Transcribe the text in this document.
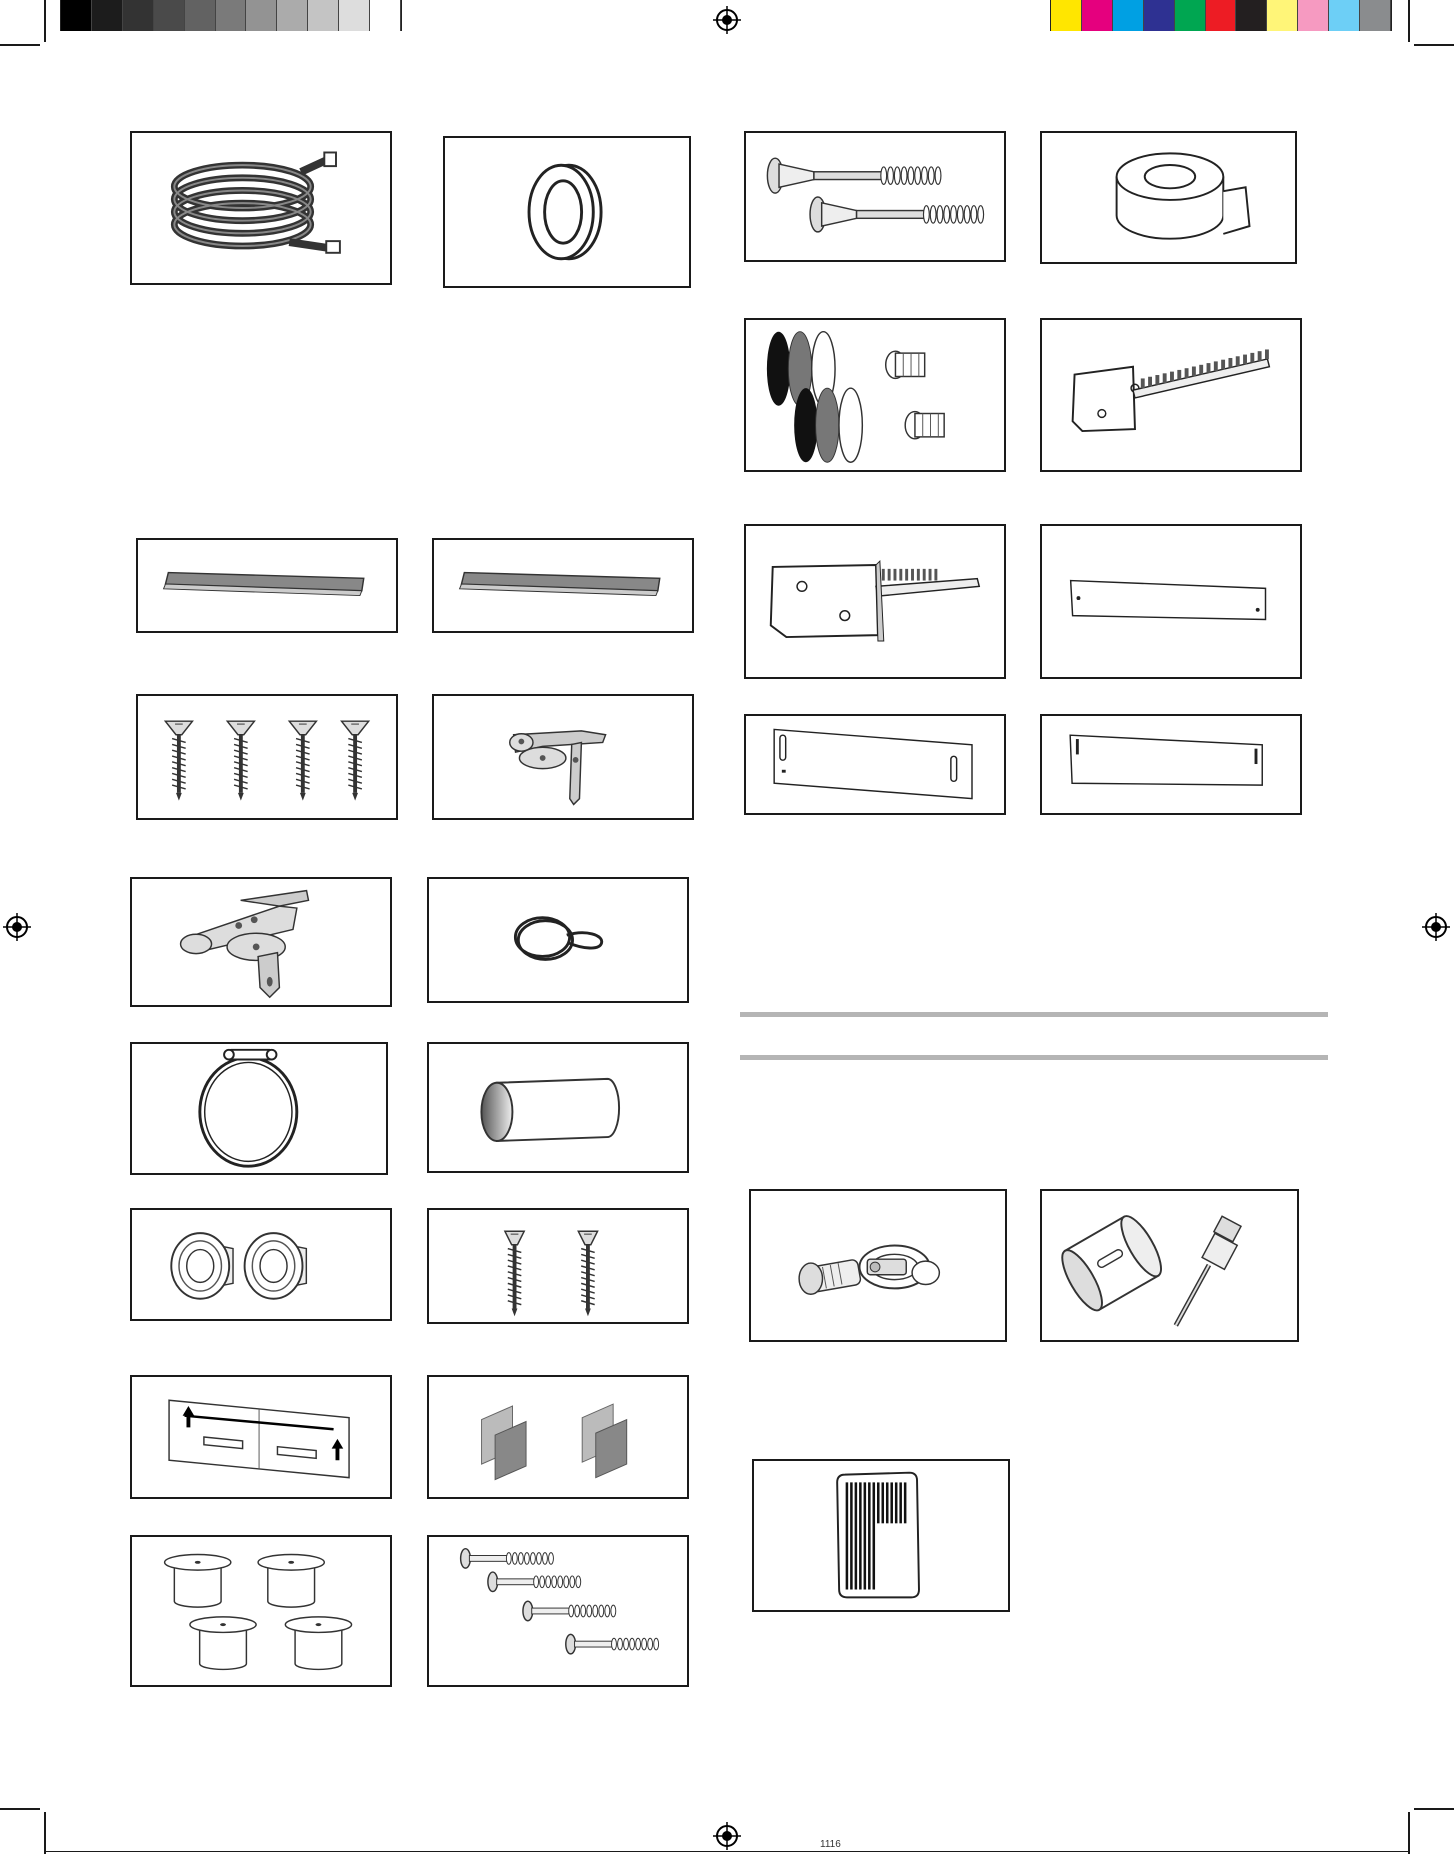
1116
